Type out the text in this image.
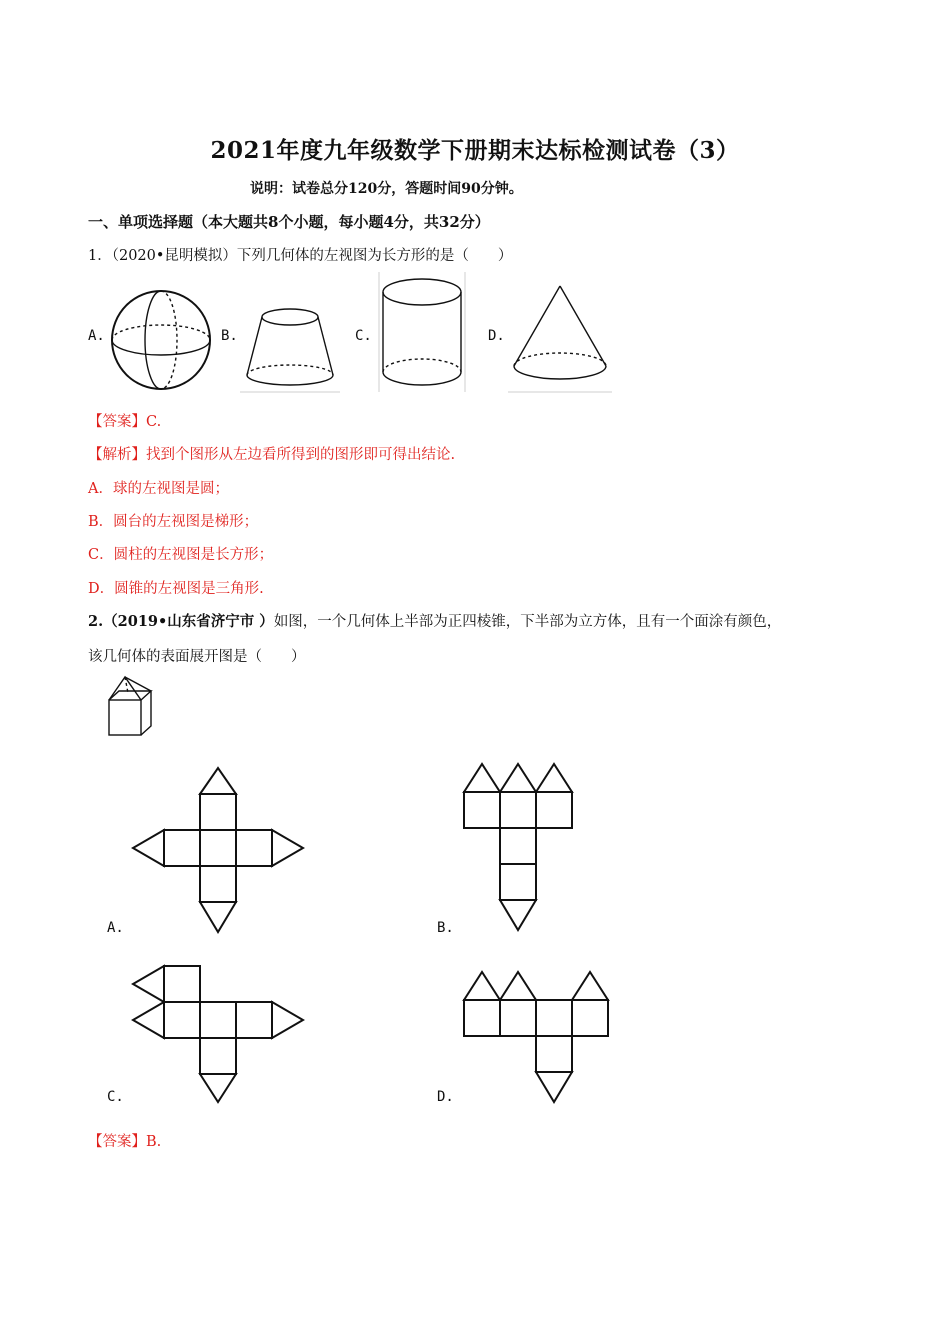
2021年度九年级数学下册期末达标检测试卷（3）
说明：试卷总分120分，答题时间90分钟。
一、单项选择题（本大题共8个小题，每小题4分，共32分）
1．（2020•昆明模拟）下列几何体的左视图为长方形的是（　　）
A.	B.	C.	D.
【答案】C.
【解析】找到个图形从左边看所得到的图形即可得出结论.
A．球的左视图是圆；
B．圆台的左视图是梯形；
C．圆柱的左视图是长方形；
D．圆锥的左视图是三角形.
2.（2019•山东省济宁市 ）如图，一个几何体上半部为正四棱锥，下半部为立方体，且有一个面涂有颜色，
该几何体的表面展开图是（　　）
A.	B.
C.	D.
【答案】B.
